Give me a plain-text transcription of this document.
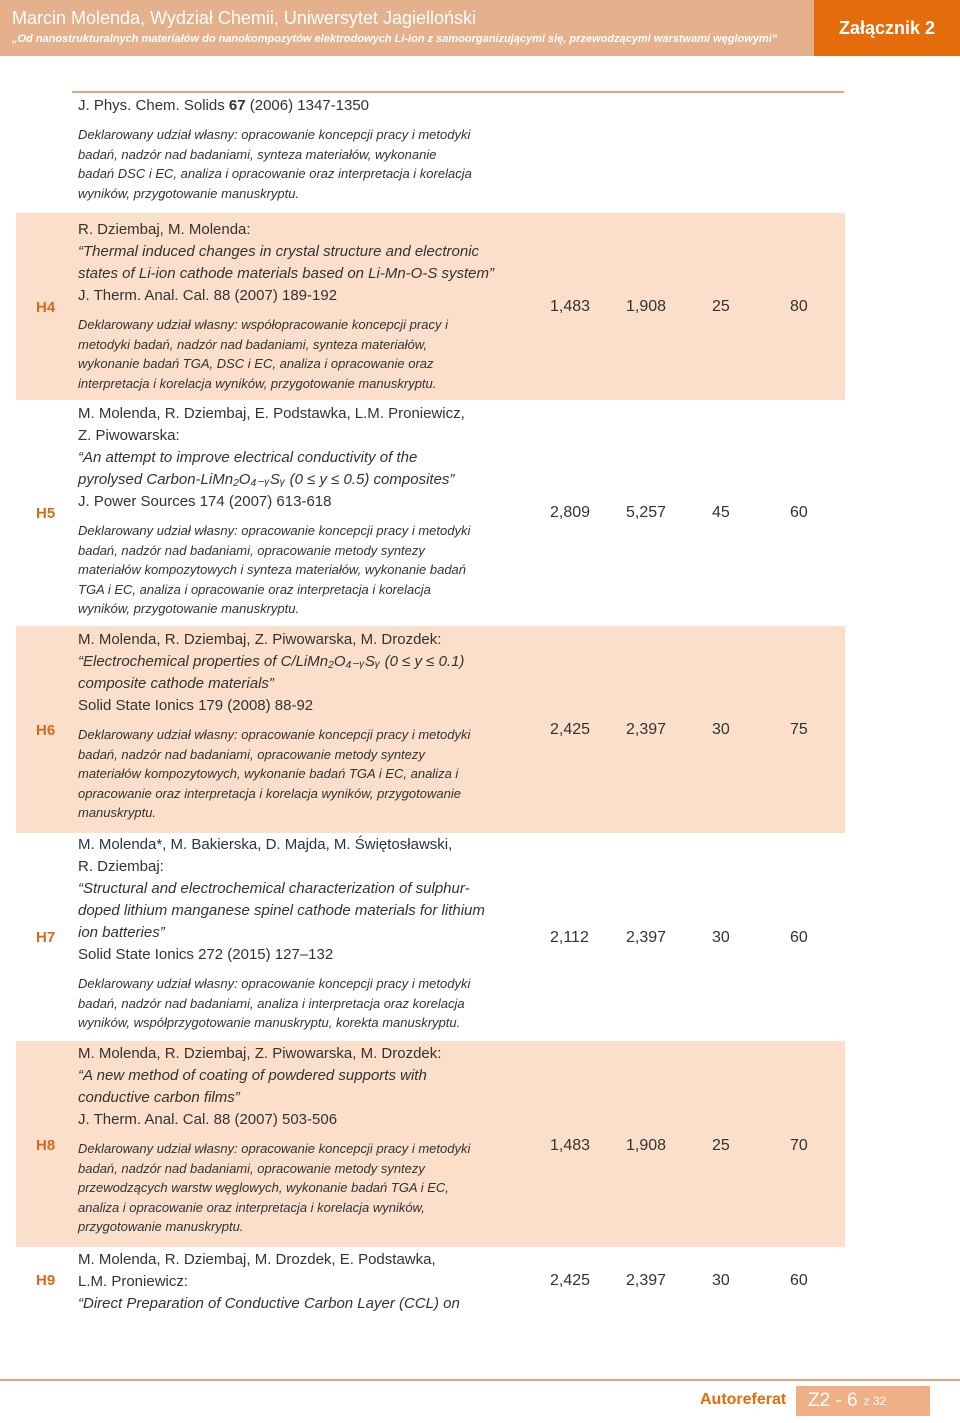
Marcin Molenda, Wydział Chemii, Uniwersytet Jagielloński
„Od nanostrukturalnych materiałów do nanokompozytów elektrodowych Li-ion z samoorganizującymi się, przewodzącymi warstwami węglowymi”
Załącznik 2
J. Phys. Chem. Solids 67 (2006) 1347-1350
Deklarowany udział własny: opracowanie koncepcji pracy i metodyki
badań, nadzór nad badaniami, synteza materiałów, wykonanie
badań DSC i EC, analiza i opracowanie oraz interpretacja i korelacja
wyników, przygotowanie manuskryptu.
H4
R. Dziembaj, M. Molenda:
“Thermal induced changes in crystal structure and electronic
states of Li-ion cathode materials based on Li-Mn-O-S system”
J. Therm. Anal. Cal. 88 (2007) 189-192
Deklarowany udział własny: współopracowanie koncepcji pracy i
metodyki badań, nadzór nad badaniami, synteza materiałów,
wykonanie badań TGA, DSC i EC, analiza i opracowanie oraz
interpretacja i korelacja wyników, przygotowanie manuskryptu.
1,483 1,908	25	80
H5
M. Molenda, R. Dziembaj, E. Podstawka, L.M. Proniewicz,
Z. Piwowarska:
“An attempt to improve electrical conductivity of the
pyrolysed Carbon-LiMn₂O₄₋ᵧSᵧ (0 ≤ y ≤ 0.5) composites”
J. Power Sources 174 (2007) 613-618
Deklarowany udział własny: opracowanie koncepcji pracy i metodyki
badań, nadzór nad badaniami, opracowanie metody syntezy
materiałów kompozytowych i synteza materiałów, wykonanie badań
TGA i EC, analiza i opracowanie oraz interpretacja i korelacja
wyników, przygotowanie manuskryptu.
2,809 5,257	45	60
H6
M. Molenda, R. Dziembaj, Z. Piwowarska, M. Drozdek:
“Electrochemical properties of C/LiMn₂O₄₋ᵧSᵧ (0 ≤ y ≤ 0.1)
composite cathode materials”
Solid State Ionics 179 (2008) 88-92
Deklarowany udział własny: opracowanie koncepcji pracy i metodyki
badań, nadzór nad badaniami, opracowanie metody syntezy
materiałów kompozytowych, wykonanie badań TGA i EC, analiza i
opracowanie oraz interpretacja i korelacja wyników, przygotowanie
manuskryptu.
2,425 2,397	30	75
H7
M. Molenda*, M. Bakierska, D. Majda, M. Świętosławski,
R. Dziembaj:
“Structural and electrochemical characterization of sulphur-
doped lithium manganese spinel cathode materials for lithium
ion batteries”
Solid State Ionics 272 (2015) 127–132
Deklarowany udział własny: opracowanie koncepcji pracy i metodyki
badań, nadzór nad badaniami, analiza i interpretacja oraz korelacja
wyników, współprzygotowanie manuskryptu, korekta manuskryptu.
2,112 2,397	30	60
H8
M. Molenda, R. Dziembaj, Z. Piwowarska, M. Drozdek:
“A new method of coating of powdered supports with
conductive carbon films”
J. Therm. Anal. Cal. 88 (2007) 503-506
Deklarowany udział własny: opracowanie koncepcji pracy i metodyki
badań, nadzór nad badaniami, opracowanie metody syntezy
przewodzących warstw węglowych, wykonanie badań TGA i EC,
analiza i opracowanie oraz interpretacja i korelacja wyników,
przygotowanie manuskryptu.
1,483 1,908	25	70
H9
M. Molenda, R. Dziembaj, M. Drozdek, E. Podstawka,
L.M. Proniewicz:
“Direct Preparation of Conductive Carbon Layer (CCL) on
2,425 2,397	30	60
Autoreferat Z2 - 6 z 32
